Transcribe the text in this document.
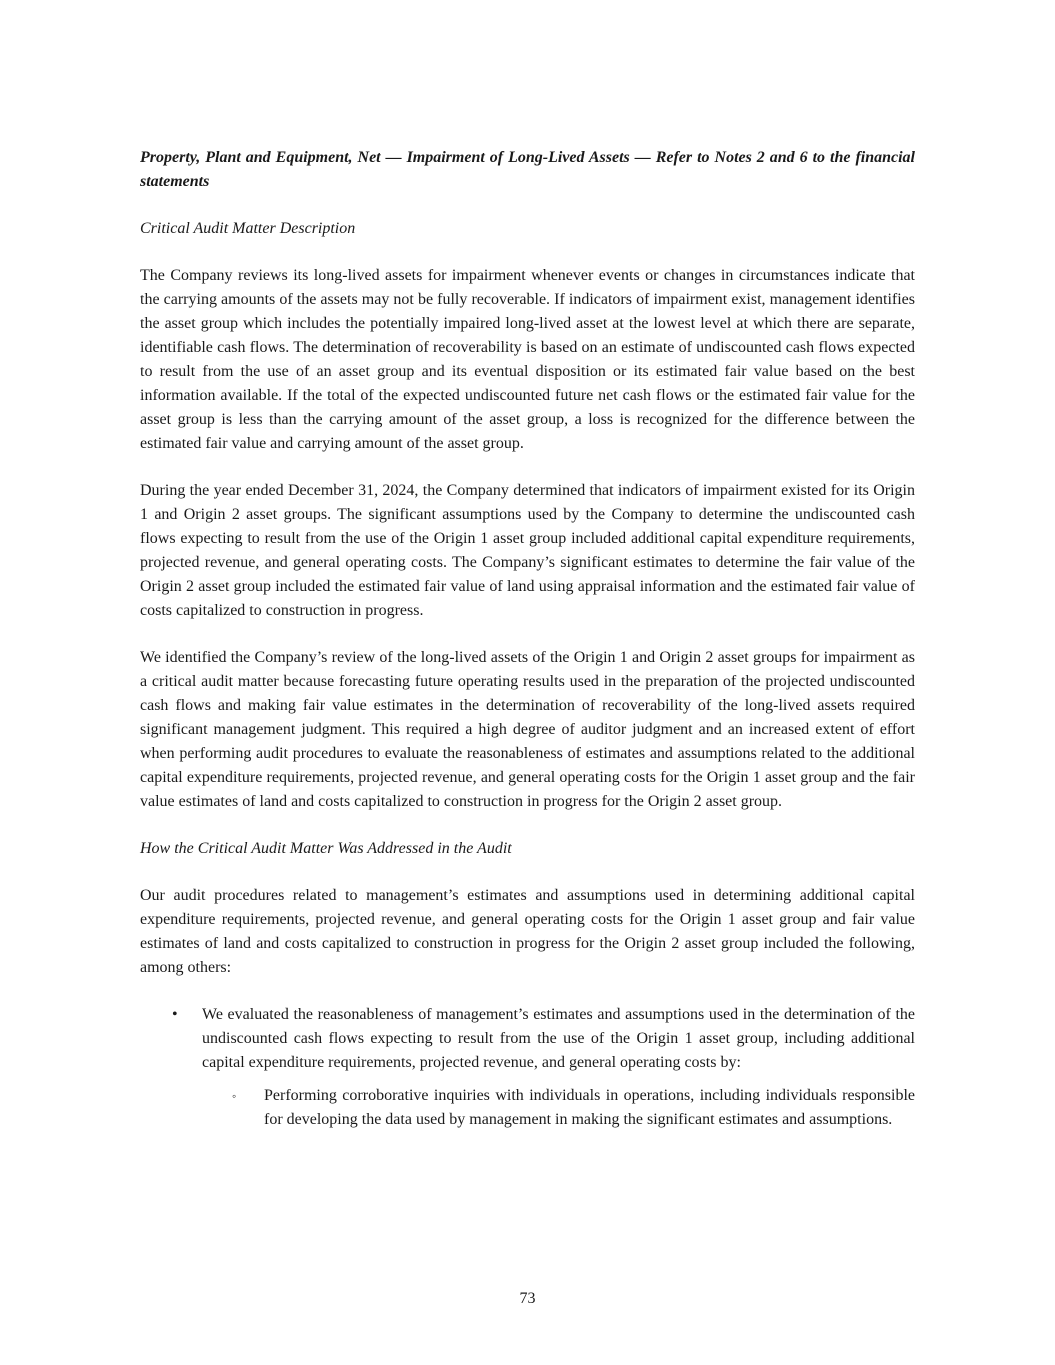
Property, Plant and Equipment, Net — Impairment of Long-Lived Assets — Refer to Notes 2 and 6 to the financial statements

Critical Audit Matter Description

The Company reviews its long-lived assets for impairment whenever events or changes in circumstances indicate that the carrying amounts of the assets may not be fully recoverable. If indicators of impairment exist, management identifies the asset group which includes the potentially impaired long-lived asset at the lowest level at which there are separate, identifiable cash flows. The determination of recoverability is based on an estimate of undiscounted cash flows expected to result from the use of an asset group and its eventual disposition or its estimated fair value based on the best information available. If the total of the expected undiscounted future net cash flows or the estimated fair value for the asset group is less than the carrying amount of the asset group, a loss is recognized for the difference between the estimated fair value and carrying amount of the asset group.

During the year ended December 31, 2024, the Company determined that indicators of impairment existed for its Origin 1 and Origin 2 asset groups. The significant assumptions used by the Company to determine the undiscounted cash flows expecting to result from the use of the Origin 1 asset group included additional capital expenditure requirements, projected revenue, and general operating costs. The Company’s significant estimates to determine the fair value of the Origin 2 asset group included the estimated fair value of land using appraisal information and the estimated fair value of costs capitalized to construction in progress.

We identified the Company’s review of the long-lived assets of the Origin 1 and Origin 2 asset groups for impairment as a critical audit matter because forecasting future operating results used in the preparation of the projected undiscounted cash flows and making fair value estimates in the determination of recoverability of the long-lived assets required significant management judgment. This required a high degree of auditor judgment and an increased extent of effort when performing audit procedures to evaluate the reasonableness of estimates and assumptions related to the additional capital expenditure requirements, projected revenue, and general operating costs for the Origin 1 asset group and the fair value estimates of land and costs capitalized to construction in progress for the Origin 2 asset group.

How the Critical Audit Matter Was Addressed in the Audit

Our audit procedures related to management’s estimates and assumptions used in determining additional capital expenditure requirements, projected revenue, and general operating costs for the Origin 1 asset group and fair value estimates of land and costs capitalized to construction in progress for the Origin 2 asset group included the following, among others:

• We evaluated the reasonableness of management’s estimates and assumptions used in the determination of the undiscounted cash flows expecting to result from the use of the Origin 1 asset group, including additional capital expenditure requirements, projected revenue, and general operating costs by:
◦ Performing corroborative inquiries with individuals in operations, including individuals responsible for developing the data used by management in making the significant estimates and assumptions.
73
